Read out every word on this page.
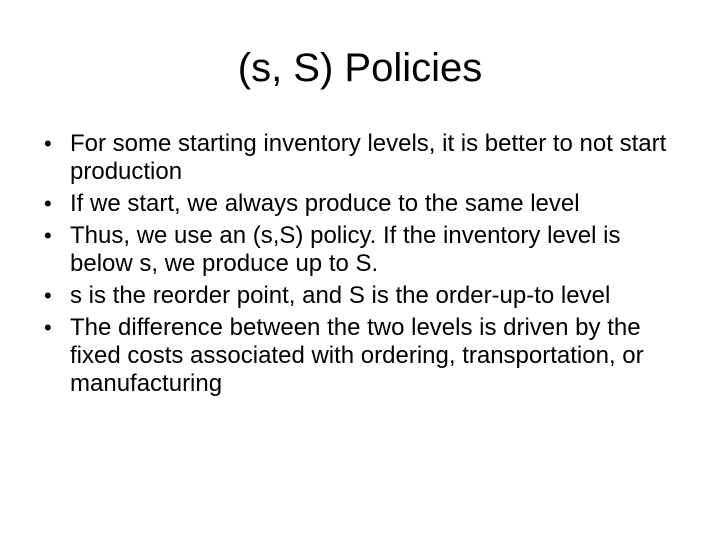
(s, S) Policies
• For some starting inventory levels, it is better to not start production
• If we start, we always produce to the same level
• Thus, we use an (s,S) policy. If the inventory level is below s, we produce up to S.
• s is the reorder point, and S is the order-up-to level
• The difference between the two levels is driven by the fixed costs associated with ordering, transportation, or manufacturing
